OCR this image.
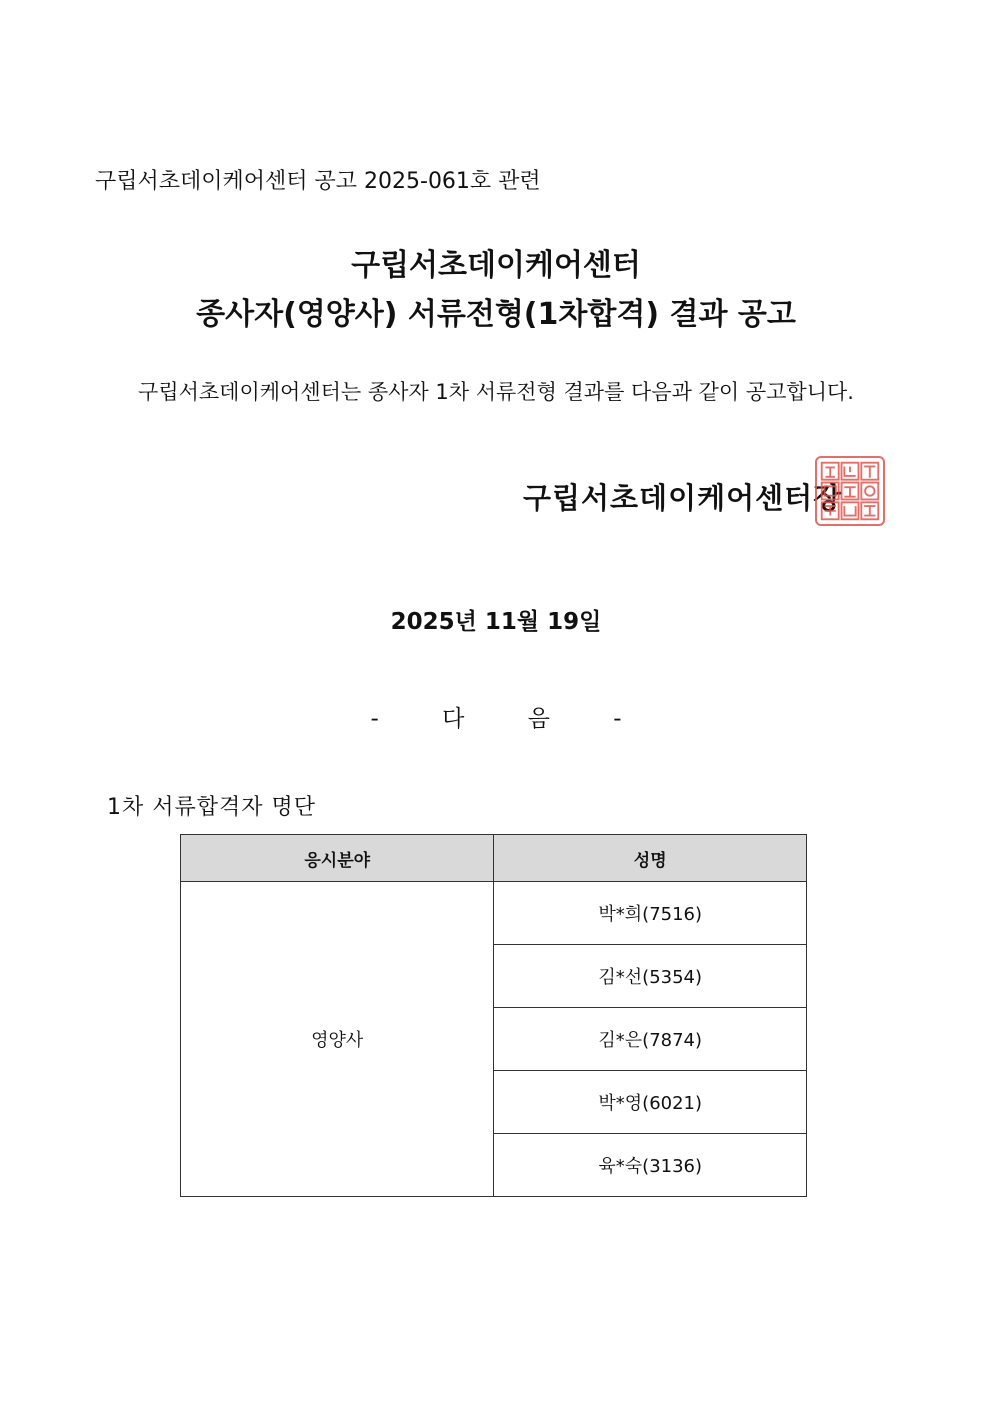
구립서초데이케어센터 공고 2025-061호 관련
구립서초데이케어센터
종사자(영양사) 서류전형(1차합격) 결과 공고
구립서초데이케어센터는 종사자 1차 서류전형 결과를 다음과 같이 공고합니다.
구립서초데이케어센터장
2025년 11월 19일
-	다	음	-
1차 서류합격자 명단
응시분야	성명
영양사	박*희(7516)
	김*선(5354)
	김*은(7874)
	박*영(6021)
	육*숙(3136)
